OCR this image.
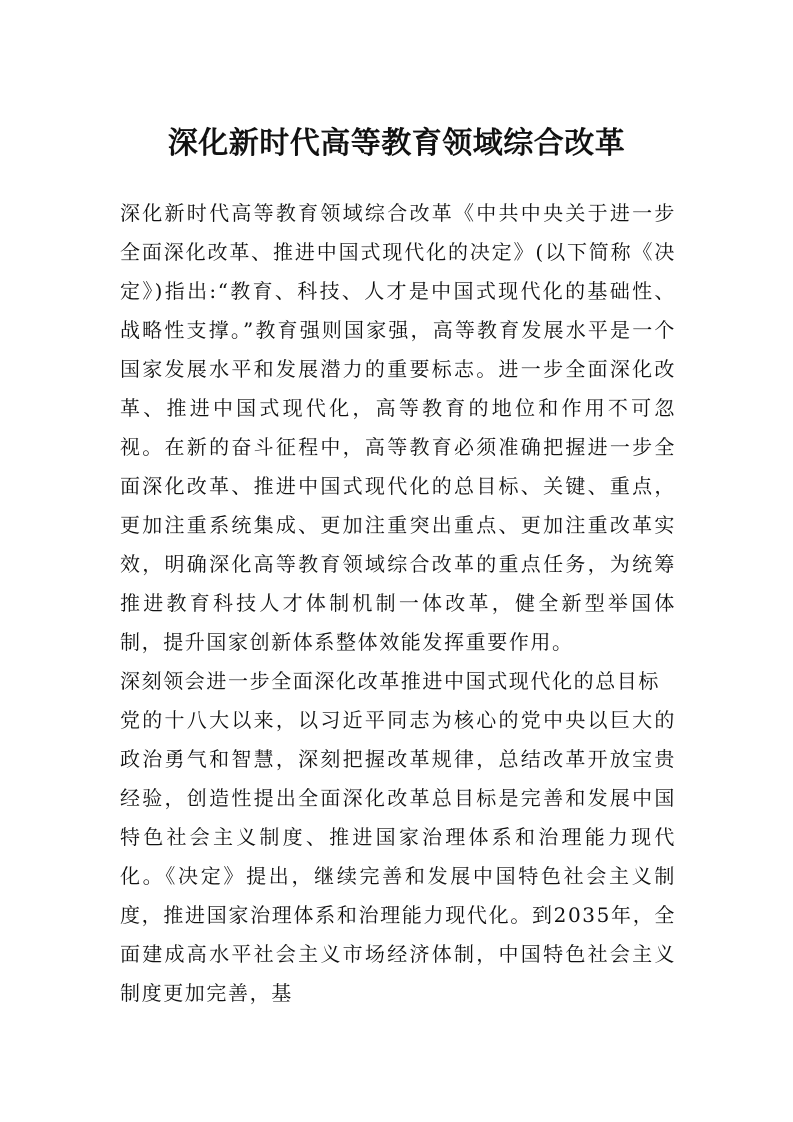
深化新时代高等教育领域综合改革

深化新时代高等教育领域综合改革《中共中央关于进一步全面深化改革、推进中国式现代化的决定》(以下简称《决定》)指出:“教育、科技、人才是中国式现代化的基础性、战略性支撑。”教育强则国家强，高等教育发展水平是一个国家发展水平和发展潜力的重要标志。进一步全面深化改革、推进中国式现代化，高等教育的地位和作用不可忽视。在新的奋斗征程中，高等教育必须准确把握进一步全面深化改革、推进中国式现代化的总目标、关键、重点，更加注重系统集成、更加注重突出重点、更加注重改革实效，明确深化高等教育领域综合改革的重点任务，为统筹推进教育科技人才体制机制一体改革，健全新型举国体制，提升国家创新体系整体效能发挥重要作用。

深刻领会进一步全面深化改革推进中国式现代化的总目标

党的十八大以来，以习近平同志为核心的党中央以巨大的政治勇气和智慧，深刻把握改革规律，总结改革开放宝贵经验，创造性提出全面深化改革总目标是完善和发展中国特色社会主义制度、推进国家治理体系和治理能力现代化。《决定》提出，继续完善和发展中国特色社会主义制度，推进国家治理体系和治理能力现代化。到2035年，全面建成高水平社会主义市场经济体制，中国特色社会主义制度更加完善，基
